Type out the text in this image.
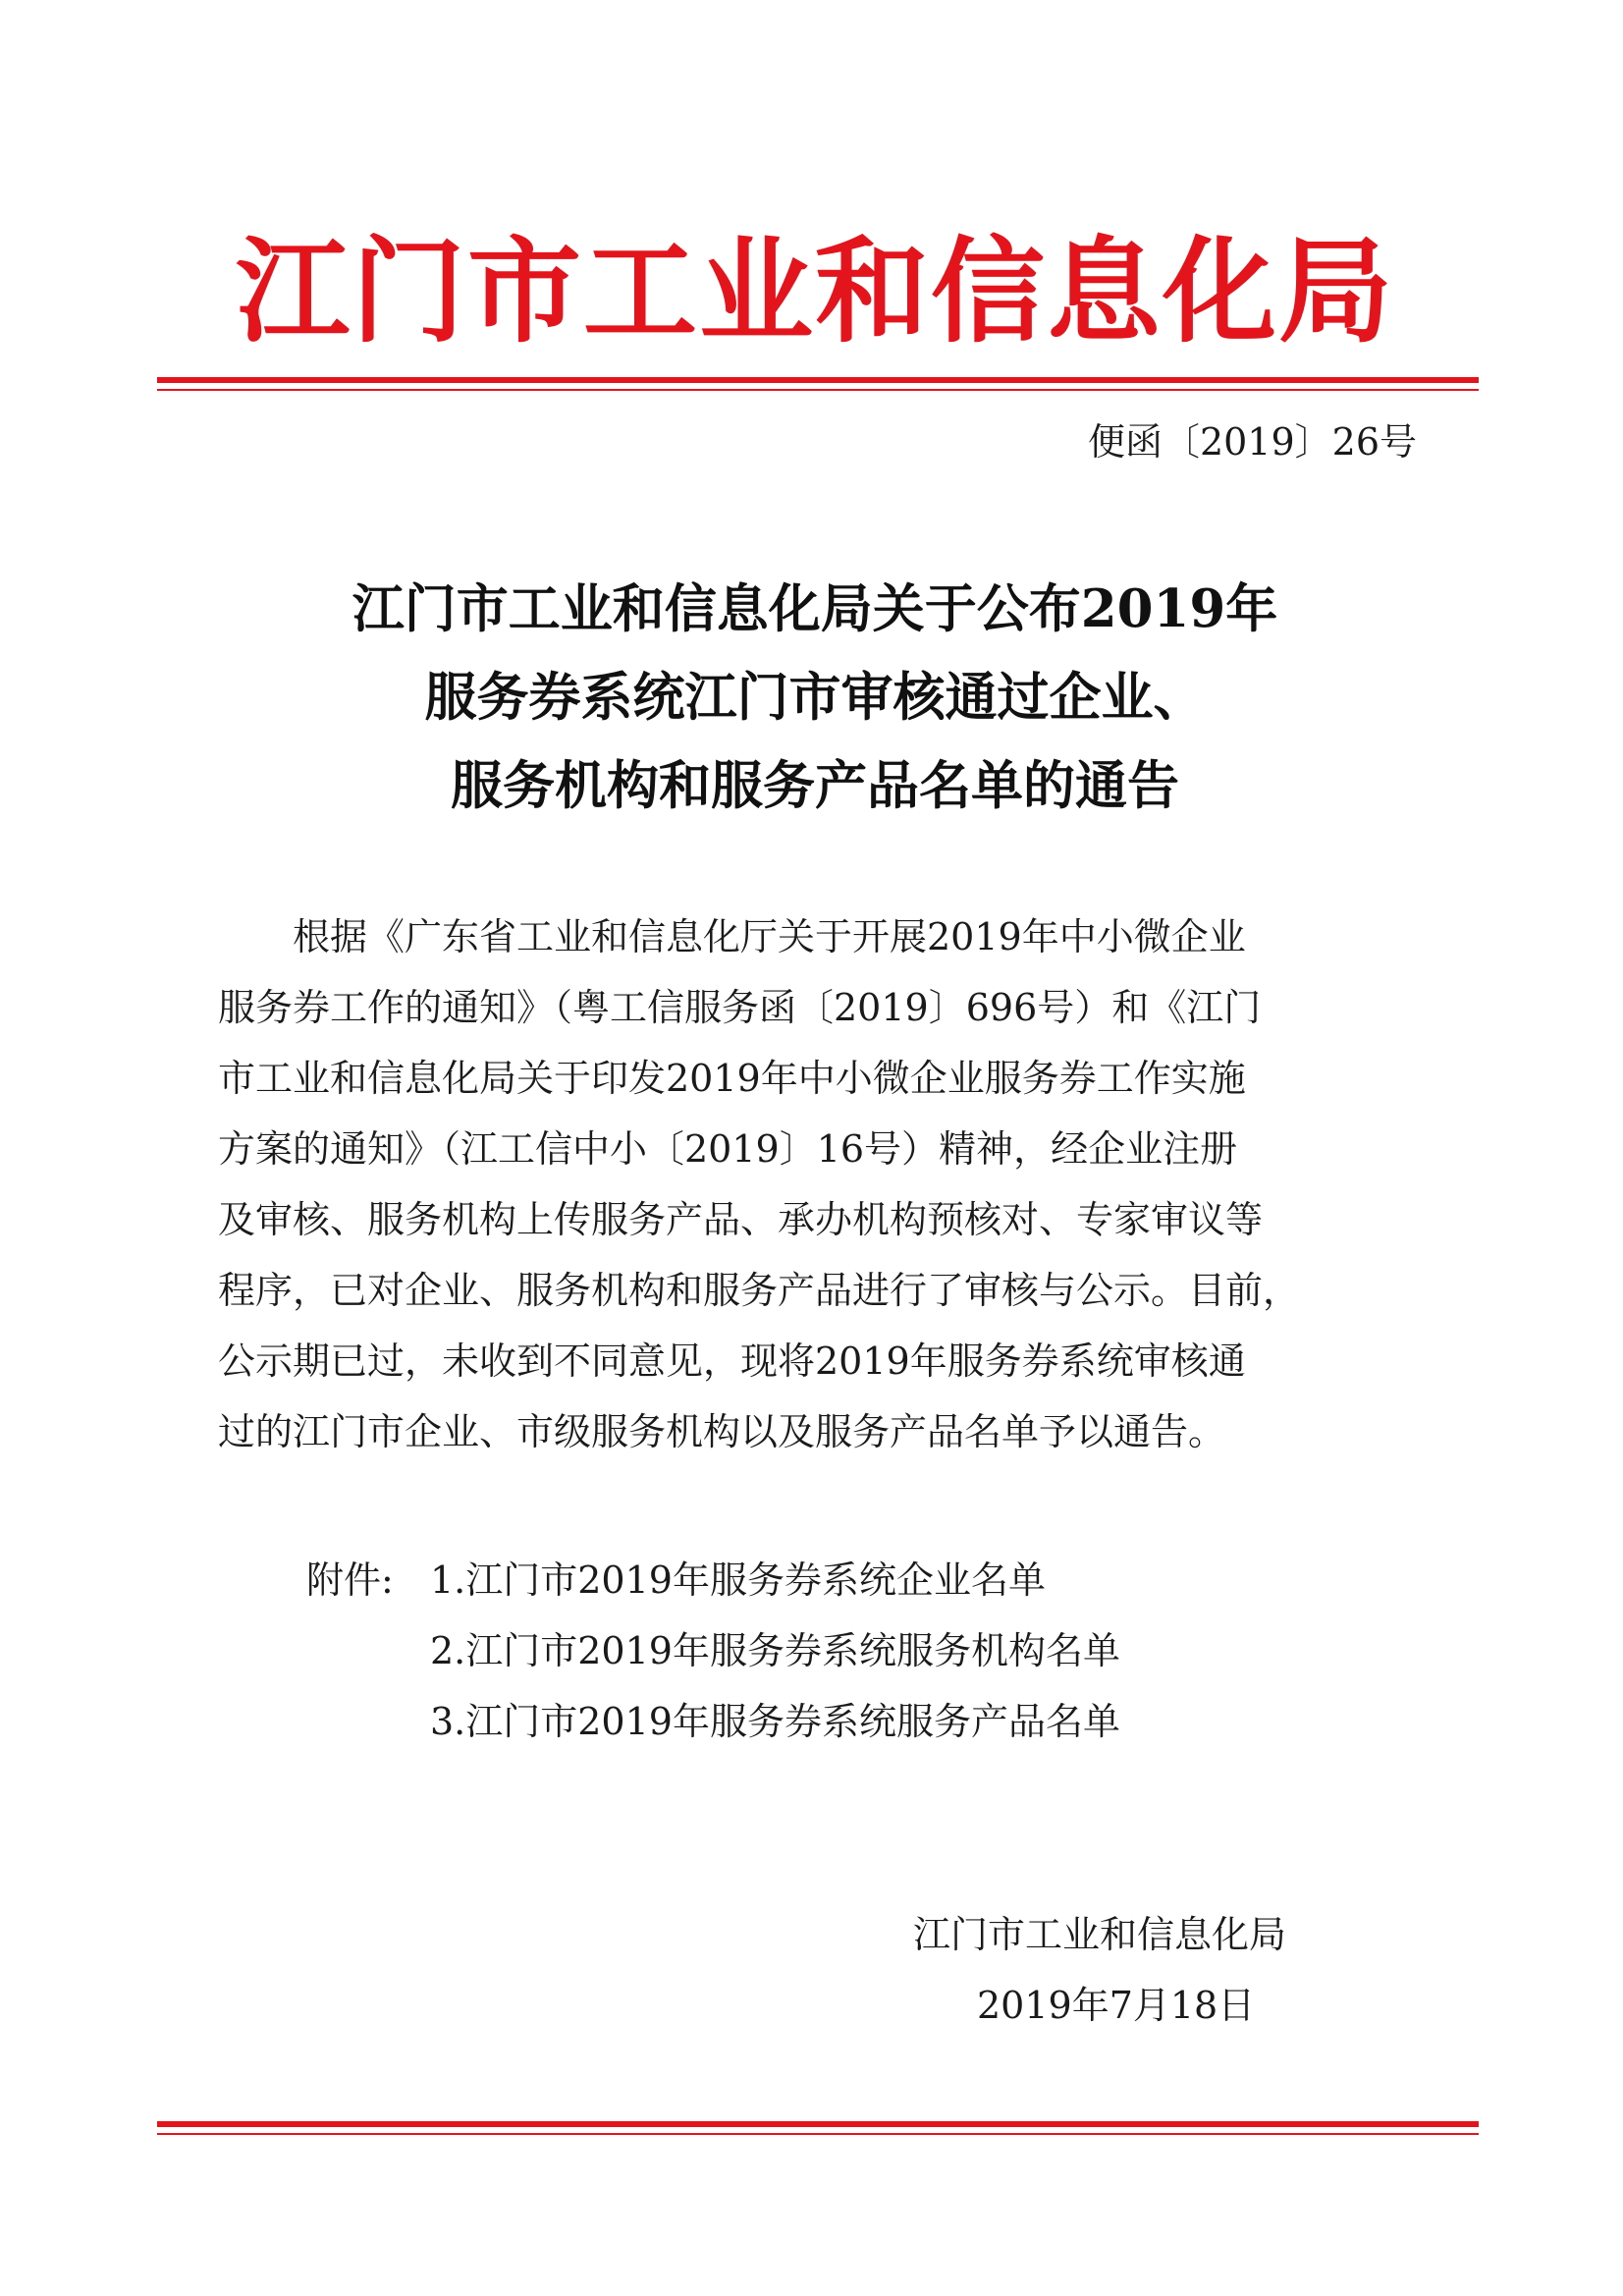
江门市工业和信息化局
便函〔2019〕26号
江门市工业和信息化局关于公布2019年
服务券系统江门市审核通过企业、
服务机构和服务产品名单的通告
根据《广东省工业和信息化厅关于开展2019年中小微企业
服务券工作的通知》（粤工信服务函〔2019〕696号）和《江门
市工业和信息化局关于印发2019年中小微企业服务券工作实施
方案的通知》（江工信中小〔2019〕16号）精神，经企业注册
及审核、服务机构上传服务产品、承办机构预核对、专家审议等
程序，已对企业、服务机构和服务产品进行了审核与公示。目前，
公示期已过，未收到不同意见，现将2019年服务券系统审核通
过的江门市企业、市级服务机构以及服务产品名单予以通告。
附件: 1.江门市2019年服务券系统企业名单
2.江门市2019年服务券系统服务机构名单
3.江门市2019年服务券系统服务产品名单
江门市工业和信息化局
2019年7月18日
